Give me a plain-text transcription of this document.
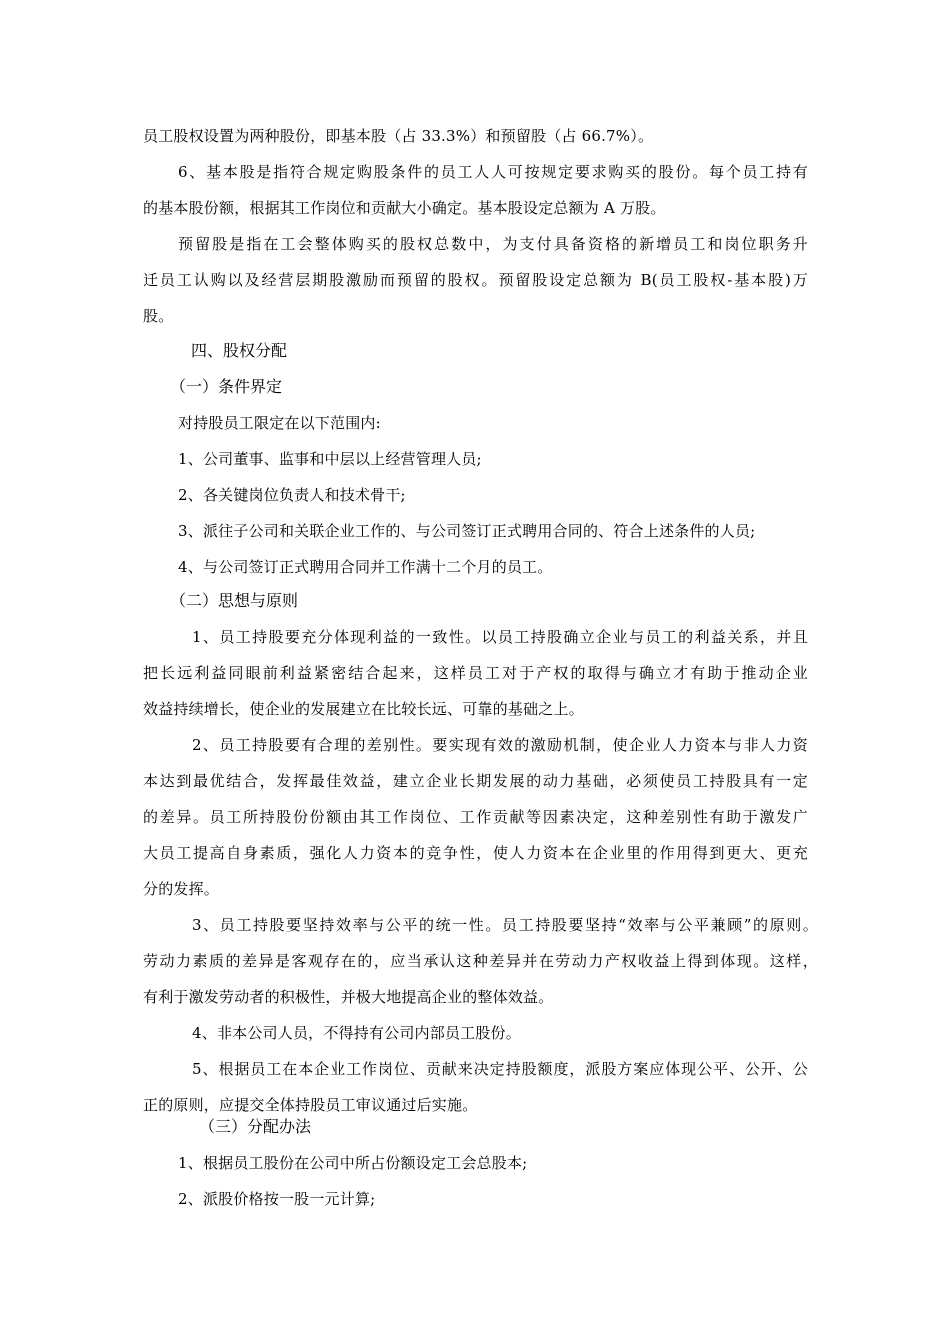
员工股权设置为两种股份，即基本股（占 33.3%）和预留股（占 66.7%）。
6、基本股是指符合规定购股条件的员工人人可按规定要求购买的股份。每个员工持有
的基本股份额，根据其工作岗位和贡献大小确定。基本股设定总额为 A 万股。
预留股是指在工会整体购买的股权总数中，为支付具备资格的新增员工和岗位职务升
迁员工认购以及经营层期股激励而预留的股权。预留股设定总额为 B(员工股权-基本股)万
股。
四、股权分配
（一）条件界定
对持股员工限定在以下范围内:
1、公司董事、监事和中层以上经营管理人员;
2、各关键岗位负责人和技术骨干;
3、派往子公司和关联企业工作的、与公司签订正式聘用合同的、符合上述条件的人员;
4、与公司签订正式聘用合同并工作满十二个月的员工。
（二）思想与原则
1、员工持股要充分体现利益的一致性。以员工持股确立企业与员工的利益关系，并且
把长远利益同眼前利益紧密结合起来，这样员工对于产权的取得与确立才有助于推动企业
效益持续增长，使企业的发展建立在比较长远、可靠的基础之上。
2、员工持股要有合理的差别性。要实现有效的激励机制，使企业人力资本与非人力资
本达到最优结合，发挥最佳效益，建立企业长期发展的动力基础，必须使员工持股具有一定
的差异。员工所持股份份额由其工作岗位、工作贡献等因素决定，这种差别性有助于激发广
大员工提高自身素质，强化人力资本的竞争性，使人力资本在企业里的作用得到更大、更充
分的发挥。
3、员工持股要坚持效率与公平的统一性。员工持股要坚持“效率与公平兼顾”的原则。
劳动力素质的差异是客观存在的，应当承认这种差异并在劳动力产权收益上得到体现。这样，
有利于激发劳动者的积极性，并极大地提高企业的整体效益。
4、非本公司人员，不得持有公司内部员工股份。
5、根据员工在本企业工作岗位、贡献来决定持股额度，派股方案应体现公平、公开、公
正的原则，应提交全体持股员工审议通过后实施。
（三）分配办法
1、根据员工股份在公司中所占份额设定工会总股本;
2、派股价格按一股一元计算;
